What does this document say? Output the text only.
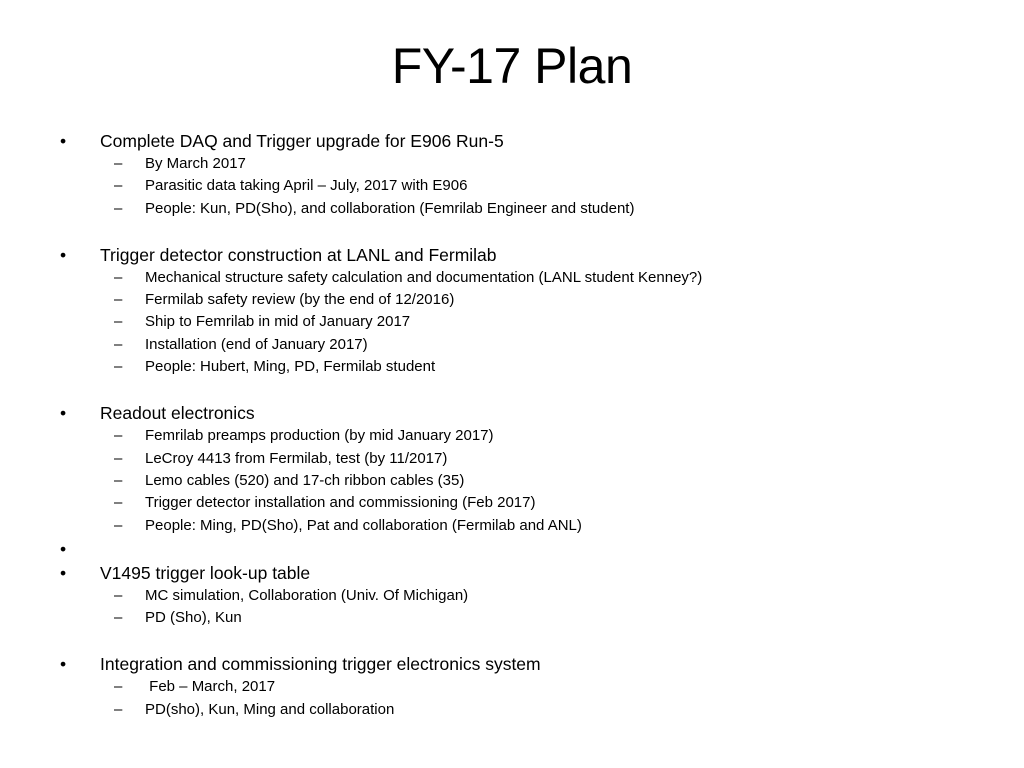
FY-17 Plan
• Complete DAQ and Trigger upgrade for E906 Run-5
– By March 2017
– Parasitic data taking April – July, 2017 with E906
– People: Kun, PD(Sho), and collaboration (Femrilab Engineer and student)
• Trigger detector construction at LANL and Fermilab
– Mechanical structure safety calculation and documentation (LANL student Kenney?)
– Fermilab safety review (by the end of 12/2016)
– Ship to Femrilab in mid of January 2017
– Installation (end of January 2017)
– People: Hubert, Ming, PD, Fermilab student
• Readout electronics
– Femrilab preamps production (by mid January 2017)
– LeCroy 4413 from Fermilab, test (by 11/2017)
– Lemo cables (520) and 17-ch ribbon cables (35)
– Trigger detector installation and commissioning (Feb 2017)
– People: Ming, PD(Sho), Pat and collaboration (Fermilab and ANL)
•
• V1495 trigger look-up table
– MC simulation, Collaboration (Univ. Of Michigan)
– PD (Sho), Kun
• Integration and commissioning trigger electronics system
– Feb – March, 2017
– PD(sho), Kun, Ming and collaboration
